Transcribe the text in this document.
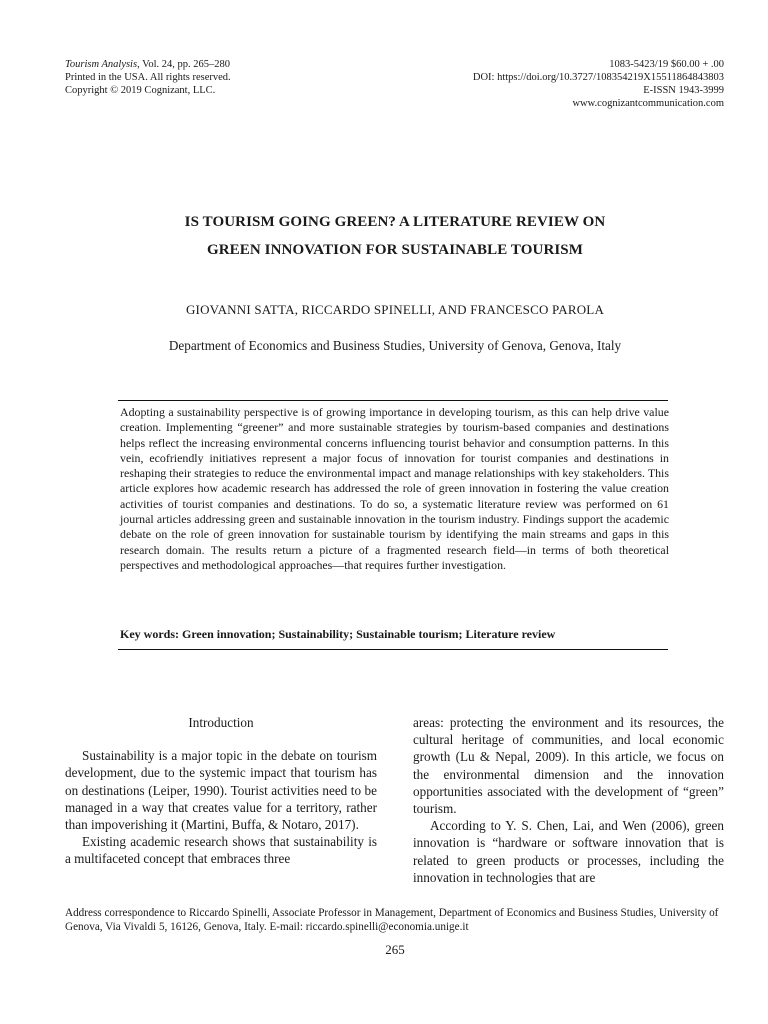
Tourism Analysis, Vol. 24, pp. 265–280
Printed in the USA. All rights reserved.
Copyright © 2019 Cognizant, LLC.
1083-5423/19 $60.00 + .00
DOI: https://doi.org/10.3727/108354219X15511864843803
E-ISSN 1943-3999
www.cognizantcommunication.com
IS TOURISM GOING GREEN? A LITERATURE REVIEW ON
GREEN INNOVATION FOR SUSTAINABLE TOURISM
GIOVANNI SATTA, RICCARDO SPINELLI, AND FRANCESCO PAROLA
Department of Economics and Business Studies, University of Genova, Genova, Italy
Adopting a sustainability perspective is of growing importance in developing tourism, as this can help drive value creation. Implementing “greener” and more sustainable strategies by tourism-based companies and destinations helps reflect the increasing environmental concerns influencing tourist behavior and consumption patterns. In this vein, ecofriendly initiatives represent a major focus of innovation for tourist companies and destinations in reshaping their strategies to reduce the environmental impact and manage relationships with key stakeholders. This article explores how academic research has addressed the role of green innovation in fostering the value creation activities of tourist companies and destinations. To do so, a systematic literature review was performed on 61 journal articles addressing green and sustainable innovation in the tourism industry. Findings support the academic debate on the role of green innovation for sustainable tourism by identifying the main streams and gaps in this research domain. The results return a picture of a fragmented research field—in terms of both theoretical perspectives and methodological approaches—that requires further investigation.
Key words: Green innovation; Sustainability; Sustainable tourism; Literature review
Introduction

Sustainability is a major topic in the debate on tourism development, due to the systemic impact that tourism has on destinations (Leiper, 1990). Tourist activities need to be managed in a way that creates value for a territory, rather than impoverishing it (Martini, Buffa, & Notaro, 2017).

Existing academic research shows that sustainability is a multifaceted concept that embraces three

areas: protecting the environment and its resources, the cultural heritage of communities, and local economic growth (Lu & Nepal, 2009). In this article, we focus on the environmental dimension and the innovation opportunities associated with the development of “green” tourism.

According to Y. S. Chen, Lai, and Wen (2006), green innovation is “hardware or software innovation that is related to green products or processes, including the innovation in technologies that are

Address correspondence to Riccardo Spinelli, Associate Professor in Management, Department of Economics and Business Studies, University of Genova, Via Vivaldi 5, 16126, Genova, Italy. E-mail: riccardo.spinelli@economia.unige.it
265
